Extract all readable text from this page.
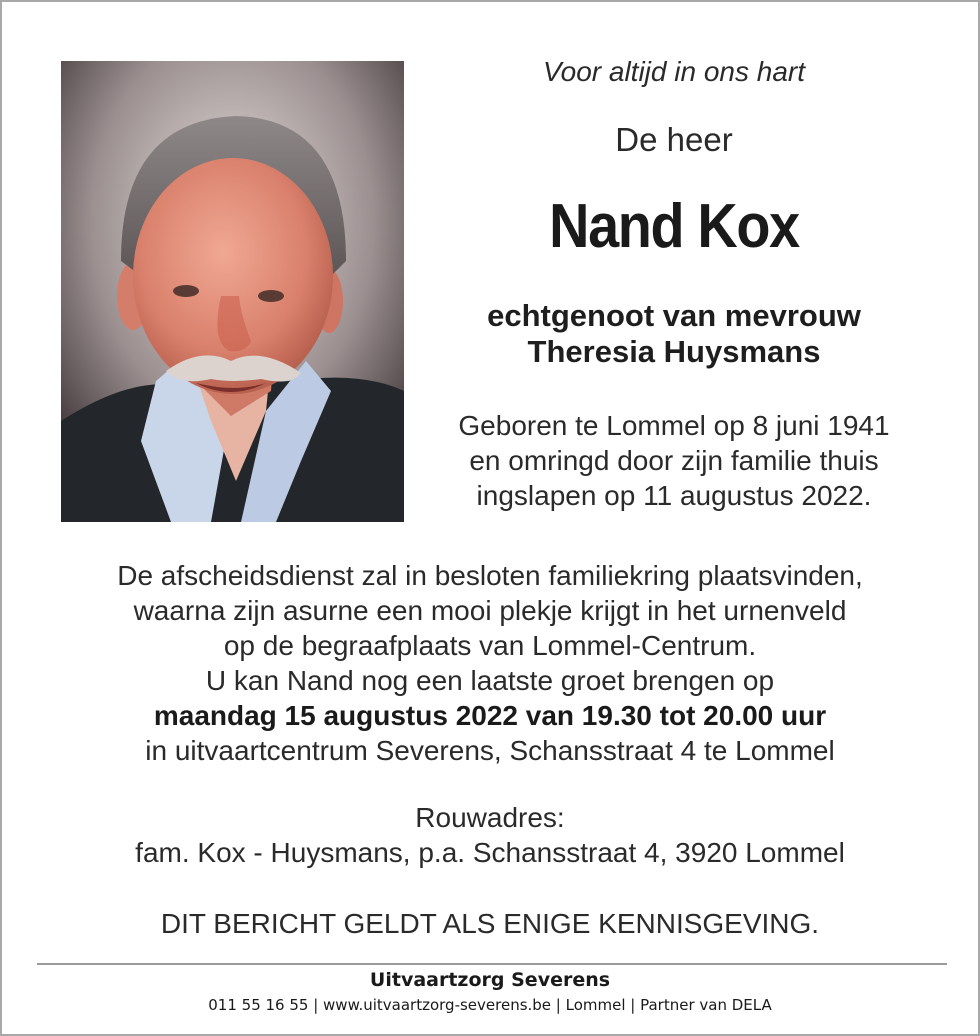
Voor altijd in ons hart

De heer

Nand Kox

echtgenoot van mevrouw
Theresia Huysmans

Geboren te Lommel op 8 juni 1941
en omringd door zijn familie thuis
ingslapen op 11 augustus 2022.

De afscheidsdienst zal in besloten familiekring plaatsvinden,

waarna zijn asurne een mooi plekje krijgt in het urnenveld

op de begraafplaats van Lommel-Centrum.

U kan Nand nog een laatste groet brengen op

maandag 15 augustus 2022 van 19.30 tot 20.00 uur

in uitvaartcentrum Severens, Schansstraat 4 te Lommel

Rouwadres:

fam. Kox - Huysmans, p.a. Schansstraat 4, 3920 Lommel

DIT BERICHT GELDT ALS ENIGE KENNISGEVING.

Uitvaartzorg Severens
011 55 16 55 | www.uitvaartzorg-severens.be | Lommel | Partner van DELA
